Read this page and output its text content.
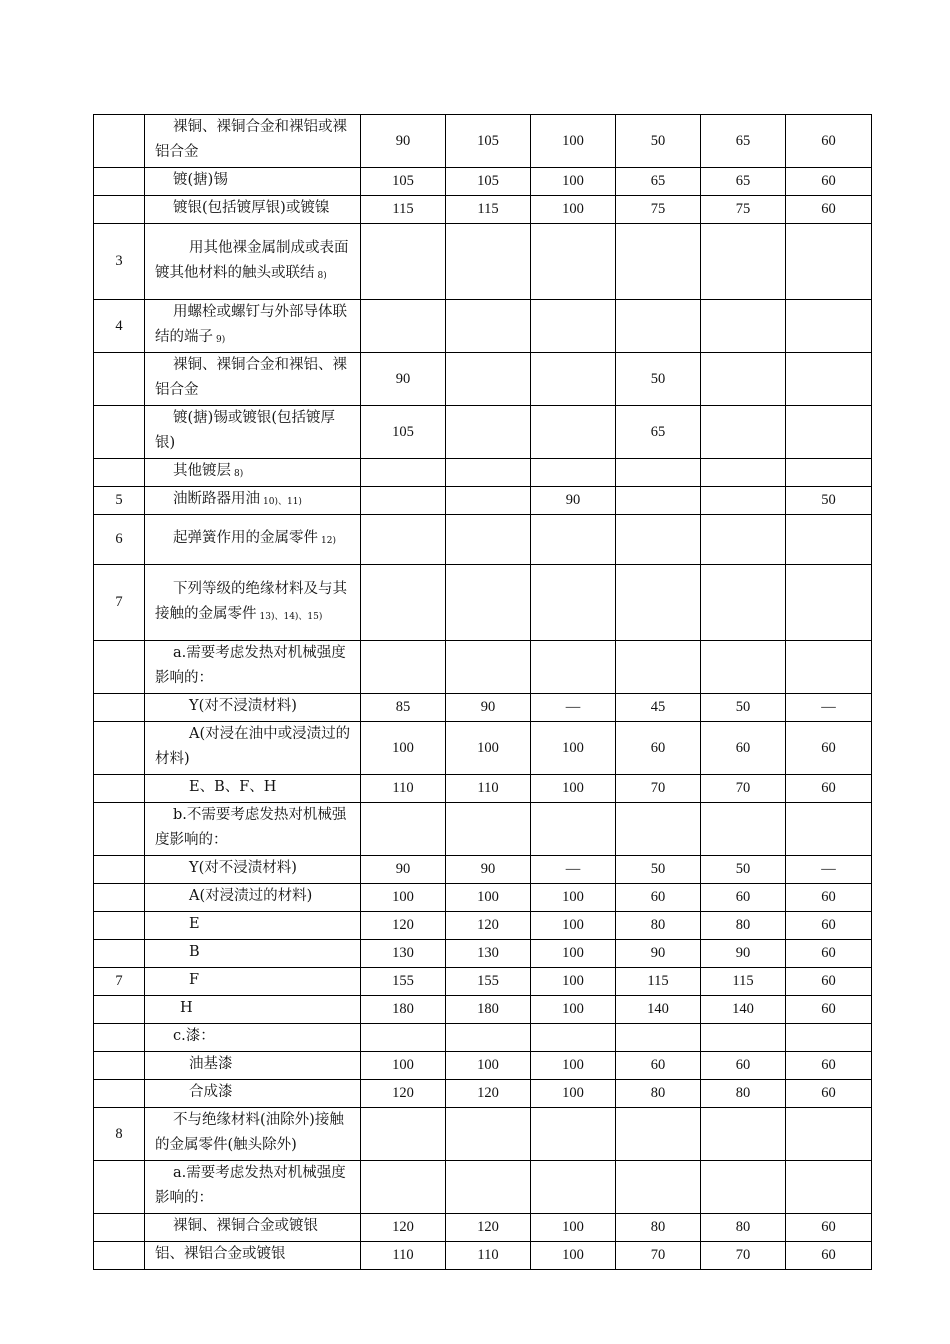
	裸铜、裸铜合金和裸铝或裸铝合金	90	105	100	50	65	60
	镀(搪)锡	105	105	100	65	65	60
	镀银(包括镀厚银)或镀镍	115	115	100	75	75	60
3	用其他裸金属制成或表面镀其他材料的触头或联结 8)						
4	用螺栓或螺钉与外部导体联结的端子 9)						
	裸铜、裸铜合金和裸铝、裸铝合金	90			50		
	镀(搪)锡或镀银(包括镀厚银)	105			65		
	其他镀层 8)						
5	油断路器用油 10)、11)			90			50
6	起弹簧作用的金属零件 12)						
7	下列等级的绝缘材料及与其接触的金属零件 13)、14)、15)						
	a.需要考虑发热对机械强度影响的：						
	Y(对不浸渍材料)	85	90	—	45	50	—
	A(对浸在油中或浸渍过的材料)	100	100	100	60	60	60
	E、B、F、H	110	110	100	70	70	60
	b.不需要考虑发热对机械强度影响的：						
	Y(对不浸渍材料)	90	90	—	50	50	—
	A(对浸渍过的材料)	100	100	100	60	60	60
	E	120	120	100	80	80	60
	B	130	130	100	90	90	60
7	F	155	155	100	115	115	60
	H	180	180	100	140	140	60
	c.漆：						
	油基漆	100	100	100	60	60	60
	合成漆	120	120	100	80	80	60
8	不与绝缘材料(油除外)接触的金属零件(触头除外)						
	a.需要考虑发热对机械强度影响的：						
	裸铜、裸铜合金或镀银	120	120	100	80	80	60
	铝、裸铝合金或镀银	110	110	100	70	70	60
